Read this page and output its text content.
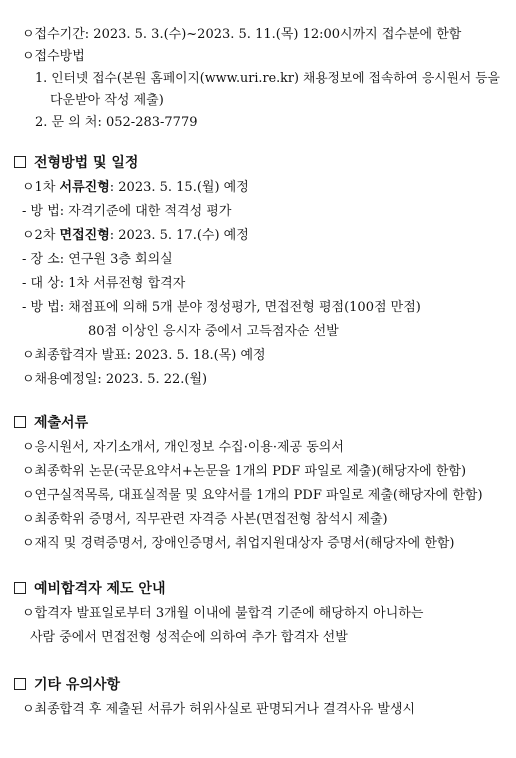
ㅇ접수기간: 2023. 5. 3.(수)~2023. 5. 11.(목) 12:00시까지 접수분에 한함
ㅇ접수방법
1. 인터넷 접수(본원 홈페이지(www.uri.re.kr) 채용정보에 접속하여 응시원서 등을
다운받아 작성 제출)
2. 문 의 처: 052-283-7779
전형방법 및 일정
ㅇ1차 서류진형: 2023. 5. 15.(월) 예정
- 방 법: 자격기준에 대한 적격성 평가
ㅇ2차 면접진형: 2023. 5. 17.(수) 예정
- 장 소: 연구원 3층 회의실
- 대 상: 1차 서류전형 합격자
- 방 법: 채점표에 의해 5개 분야 정성평가, 면접전형 평점(100점 만점)
80점 이상인 응시자 중에서 고득점자순 선발
ㅇ최종합격자 발표: 2023. 5. 18.(목) 예정
ㅇ채용예정일: 2023. 5. 22.(월)
제출서류
ㅇ응시원서, 자기소개서, 개인정보 수집·이용·제공 동의서
ㅇ최종학위 논문(국문요약서+논문을 1개의 PDF 파일로 제출)(해당자에 한함)
ㅇ연구실적목록, 대표실적물 및 요약서를 1개의 PDF 파일로 제출(해당자에 한함)
ㅇ최종학위 증명서, 직무관련 자격증 사본(면접전형 참석시 제출)
ㅇ재직 및 경력증명서, 장애인증명서, 취업지원대상자 증명서(해당자에 한함)
예비합격자 제도 안내
ㅇ합격자 발표일로부터 3개월 이내에 불합격 기준에 해당하지 아니하는
사람 중에서 면접전형 성적순에 의하여 추가 합격자 선발
기타 유의사항
ㅇ최종합격 후 제출된 서류가 허위사실로 판명되거나 결격사유 발생시
